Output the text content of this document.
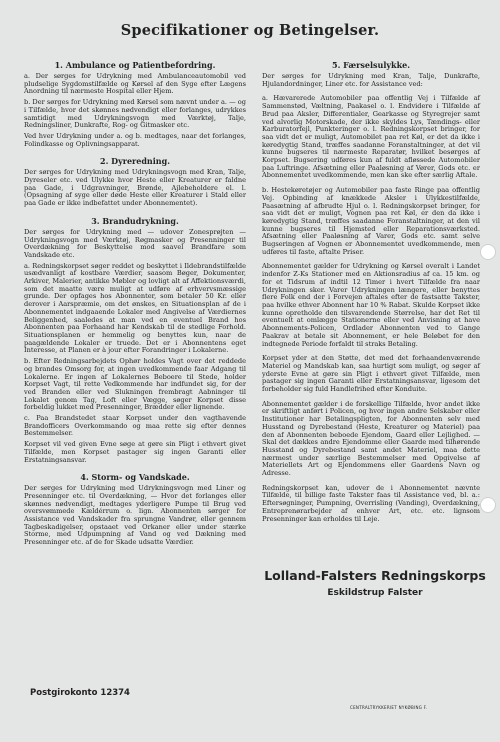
Specifikationer og Betingelser.
1. Ambulance og Patientbefordring.

a. Der sørges for Udrykning med Ambulanceautomobil ved pludselige Sygdomstilfælde og Kørsel af den Syge efter Lægens Anordning til nærmeste Hospital eller Hjem.

b. Der sørges for Udrykning med Kørsel som nævnt under a. — og i Tilfælde, hvor det skønnes nødvendigt eller forlanges, udrykkes samtidigt med Udrykningsvogn med Værktøj, Talje, Redningsliner, Dunkrafte, Rog- og Gitmasker etc.

Ved hver Udrykning under a. og b. medtages, naar det forlanges, Folindkasse og Oplivningsapparat.

2. Dyreredning.

Der sørges for Udrykning med Udrykningsvogn med Kran, Talje, Dyreseler etc. ved Ulykke hvor Heste eller Kreaturer er faldne paa Gade, i Udgravninger, Brønde, Ajlebeholdere el. l. (Opsagning af syge eller døde Heste eller Kreaturer i Stald eller paa Gade er ikke indbefattet under Abonnementet).

3. Brandudrykning.

Der sørges for Udrykning med — udover Zonesprøjten — Udrykningsvogn med Værktøj, Røgmasker og Presenninger til Overdækning for Beskyttelse mod saavel Brandfare som Vandskade etc.

a. Redningskorpset søger reddet og beskyttet i Ildebrandstilfælde usædvanligt af kostbare Værdier, saasom Bøger, Dokumenter, Arkiver, Malerier, antikke Møbler og lovligt alt af Affektionsværdi, som det maatte være muligt at udføre af erhvervsmæssige grunde. Der opfages hos Abonnenter, som betaler 50 Kr. eller derover i Aarspræmie, om det ønskes, en Situationsplan af de i Abonnementet indgaaende Lokaler med Angivelse af Værdiernes Beliggenhed, saaledes at man ved en eventuel Brand hos Abonnenten paa Forhaand har Kendskab til de stedlige Forhold. Situationsplanen er hemmelig og benyttes kun, naar de paagældende Lokaler er truede. Det er i Abonnentens eget Interesse, at Planen er à jour efter Forandringer i Lokalerne.

b. Efter Redningsarbejdets Ophør holdes Vagt over det reddede og brandes Omsorg for, at ingen uvedkommende faar Adgang til Lokalerne. Er ingen af Lokalernes Beboere til Stede, holder Korpset Vagt, til rette Vedkommende har indfundet sig, for der ved Branden eller ved Slukningen frembragt Aabninger til Lokalet genom Tag, Loft eller Vægge, søger Korpset disse forbeldig lukket med Presenninger, Brædder eller lignende.

c. Paa Brandstedet staar Korpset under den vagthavende Brandofficers Overkommando og maa rette sig efter dennes Bestemmelser.

Korpset vil ved given Evne søge at gøre sin Pligt i ethvert givet Tilfælde, men Korpset pastager sig ingen Garanti eller Erstatningsansvar.

4. Storm- og Vandskade.

Der sørges for Udrykning med Udrykningsvogn med Liner og Presenninger etc. til Overdækning, — Hvor det forlanges eller skønnes nødvendigt, medtages yderligere Pumpe til Brug ved oversvømmede Kældérrum o. lign. Abonnenten sørger for Assistance ved Vandskader fra sprungne Vandrør, eller gennem Tagbeskadigelser, opstaaet ved Orkaner eller under stærke Storme, med Udpumpning af Vand og ved Dækning med Presenninger etc. af de for Skade udsatte Værdier.

5. Færselsulykke.

Der sørges for Udrykning med Kran, Talje, Dunkrafte, Hjulandordninger, Liner etc. for Assistance ved:

a. Hævarerede Automobiler paa offentlig Vej i Tilfælde af Sammenstød, Væltning, Paakasel o. l. Endvidere i Tilfælde af Brud paa Aksler, Differentialer, Gearkasse og Styregrejer samt ved alvorlig Motorskade, der ikke skyldes Lys, Tændings- eller Karburatorfejl, Punkteringer o. l. Redningskorpset bringer, for saa vidt det er muligt, Automobilet paa ret Køl, er det da ikke i køredygtig Stand, træffes saadanne Foranstaltninger, at det vil kunne bugseres til nærmeste Reparatør, hvilket besørges af Korpset. Bugsering udføres kun af fuldt afløssede Automobiler paa Luftringe. Afsætning eller Paaløsning af Vører, Gods etc. er Abonnementet uvedkommende, men kan ske efter særlig Aftale.

b. Hestekøretøjer og Automobiler paa faste Ringe paa offentlig Vej. Opbinding af knækkede Aksler i Ulykkestilfælde, Paasætning af afbrudte Hjul o. l. Redningskorpset bringer, for saa vidt det er muligt, Vognen paa ret Køl, er den da ikke i køredygtig Stand, træffes saadanne Foranstaltninger, at den vil kunne bugseres til Hjemsted eller Reparationsværksted. Afsætning eller Paaløsning af Varer, Gods etc. samt selve Bugseringen af Vognen er Abonnementet uvedkommende, men udføres til faste, aftalte Priser.

Abonnementet gælder for Udrykning og Kørsel overalt i Landet indenfor Z-Ks Stationer med en Aktionsradius af ca. 15 km. og for et Tidsrum af indtil 12 Timer i hvert Tilfælde fra naar Udrykningen sker. Varer Udrykningen længere, eller benyttes flere Folk end der i Forvejen aftales efter de fastsatte Takster, paa hvilke ethver Abonnent har 10 % Rabat. Skulde Korpset ikke kunne opretholde den tilsvarendende Størrelse, har det Ret til eventuelt at omlægge Stationerne eller ved Anvisning at have Abonnements-Policen, Ordlader Abonnenten ved to Gange Paakrav at betale sit Abonnement, er hele Beløbet for den indtegnede Periode forfaldt til straks Betaling.

Korpset yder at den Støtte, det med det forhaandenværende Materiel og Mandskab kan, saa hurtigt som muligt, og søger af yderste Evne at gøre sin Pligt i ethvert givet Tilfælde, men pastager sig ingen Garanti eller Erstatningsansvar, ligesom det forbeholder sig fuld Handlefrihed efter Konduite.

Abonnementet gælder i de forskellige Tilfælde, hvor andet ikke er skriftligt anført i Policen, og hvor ingen andre Selskaber eller Institutioner har Betalingspligten, for Abonnenten selv med Husstand og Dyrebestand (Heste, Kreaturer og Materiel) paa den af Abonnenten beboede Ejendom, Gaard eller Lejlighed. — Skal det dækkes andre Ejendomme eller Gaarde med tilhørende Husstand og Dyrebestand samt andet Materiel, maa dette nærmest under særlige Bestemmelser med Opgivelse af Materiellets Art og Ejendommens eller Gaardens Navn og Adresse.

Redningskorpset kan, udover de i Abonnementet nævnte Tilfælde, til billige faste Takster faas til Assistance ved, bl. a.: Eftersøgninger, Pumpning, Overrisling (Vanding), Overdækning, Entreprenørarbejder af enhver Art, etc. etc. lignsom Presenninger kan erholdes til Leje.

Lolland-Falsters Redningskorps
Eskildstrup Falster
Postgirokonto 12374
CENTRALTRYKKERIET NYKØBING F.
